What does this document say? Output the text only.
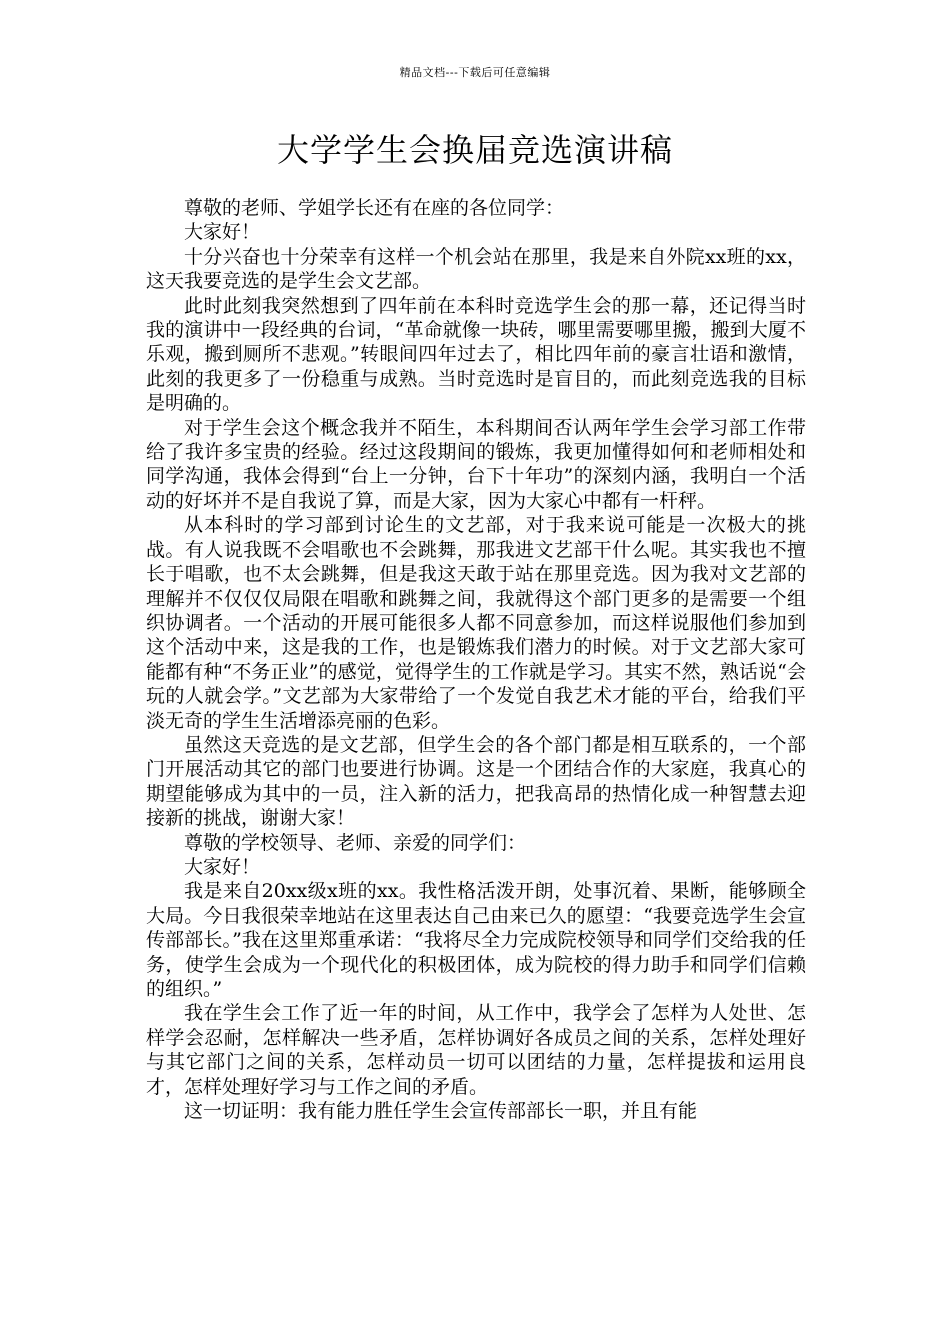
精品文档---下载后可任意编辑
大学学生会换届竞选演讲稿

尊敬的老师、学姐学长还有在座的各位同学：

大家好！

十分兴奋也十分荣幸有这样一个机会站在那里，我是来自外院xx班的xx，这天我要竞选的是学生会文艺部。

此时此刻我突然想到了四年前在本科时竞选学生会的那一幕，还记得当时我的演讲中一段经典的台词，“革命就像一块砖，哪里需要哪里搬，搬到大厦不乐观，搬到厕所不悲观。”转眼间四年过去了，相比四年前的豪言壮语和激情，此刻的我更多了一份稳重与成熟。当时竞选时是盲目的，而此刻竞选我的目标是明确的。

对于学生会这个概念我并不陌生，本科期间否认两年学生会学习部工作带给了我许多宝贵的经验。经过这段期间的锻炼，我更加懂得如何和老师相处和同学沟通，我体会得到“台上一分钟，台下十年功”的深刻内涵，我明白一个活动的好坏并不是自我说了算，而是大家，因为大家心中都有一杆秤。

从本科时的学习部到讨论生的文艺部，对于我来说可能是一次极大的挑战。有人说我既不会唱歌也不会跳舞，那我进文艺部干什么呢。其实我也不擅长于唱歌，也不太会跳舞，但是我这天敢于站在那里竞选。因为我对文艺部的理解并不仅仅仅局限在唱歌和跳舞之间，我就得这个部门更多的是需要一个组织协调者。一个活动的开展可能很多人都不同意参加，而这样说服他们参加到这个活动中来，这是我的工作，也是锻炼我们潜力的时候。对于文艺部大家可能都有种“不务正业”的感觉，觉得学生的工作就是学习。其实不然，熟话说“会玩的人就会学。”文艺部为大家带给了一个发觉自我艺术才能的平台，给我们平淡无奇的学生生活增添亮丽的色彩。

虽然这天竞选的是文艺部，但学生会的各个部门都是相互联系的，一个部门开展活动其它的部门也要进行协调。这是一个团结合作的大家庭，我真心的期望能够成为其中的一员，注入新的活力，把我高昂的热情化成一种智慧去迎接新的挑战，谢谢大家！

尊敬的学校领导、老师、亲爱的同学们：

大家好！

我是来自20xx级x班的xx。我性格活泼开朗，处事沉着、果断，能够顾全大局。今日我很荣幸地站在这里表达自己由来已久的愿望：“我要竞选学生会宣传部部长。”我在这里郑重承诺：“我将尽全力完成院校领导和同学们交给我的任务，使学生会成为一个现代化的积极团体，成为院校的得力助手和同学们信赖的组织。”

我在学生会工作了近一年的时间，从工作中，我学会了怎样为人处世、怎样学会忍耐，怎样解决一些矛盾，怎样协调好各成员之间的关系，怎样处理好与其它部门之间的关系，怎样动员一切可以团结的力量，怎样提拔和运用良才，怎样处理好学习与工作之间的矛盾。

这一切证明：我有能力胜任学生会宣传部部长一职，并且有能
